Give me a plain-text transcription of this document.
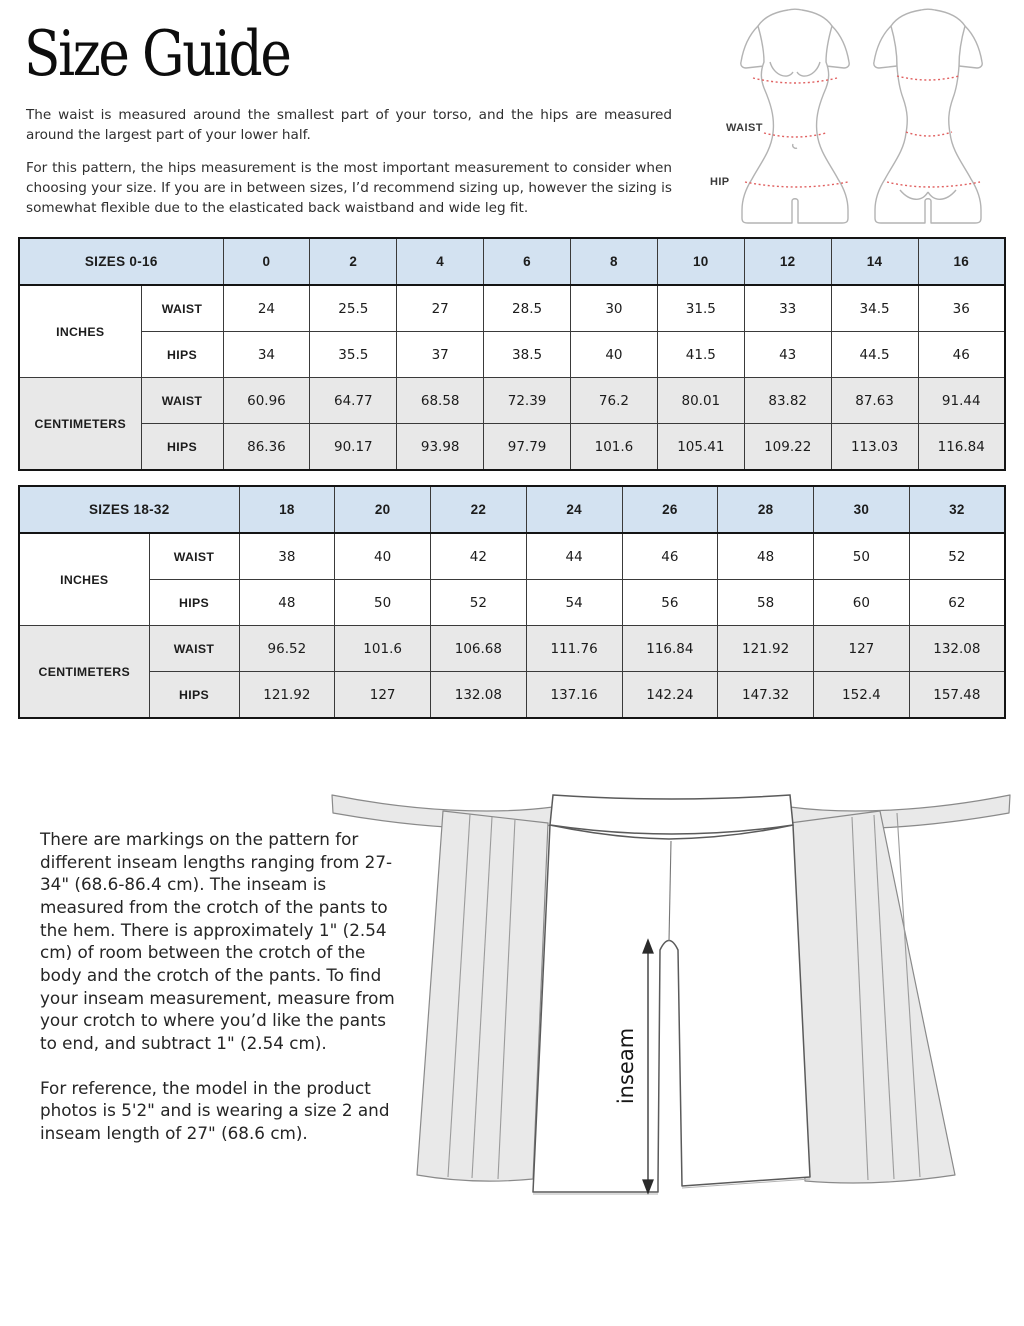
Size Guide

The waist is measured around the smallest part of your torso, and the hips are measured around the largest part of your lower half.

For this pattern, the hips measurement is the most important measurement to consider when choosing your size. If you are in between sizes, I’d recommend sizing up, however the sizing is somewhat flexible due to the elasticated back waistband and wide leg fit.

WAIST
HIP
SIZES 0-16		0	2	4	6	8	10	12	14	16
INCHES	WAIST	24	25.5	27	28.5	30	31.5	33	34.5	36
	HIPS	34	35.5	37	38.5	40	41.5	43	44.5	46
CENTIMETERS	WAIST	60.96	64.77	68.58	72.39	76.2	80.01	83.82	87.63	91.44
	HIPS	86.36	90.17	93.98	97.79	101.6	105.41	109.22	113.03	116.84
SIZES 18-32		18	20	22	24	26	28	30	32
INCHES	WAIST	38	40	42	44	46	48	50	52
	HIPS	48	50	52	54	56	58	60	62
CENTIMETERS	WAIST	96.52	101.6	106.68	111.76	116.84	121.92	127	132.08
	HIPS	121.92	127	132.08	137.16	142.24	147.32	152.4	157.48

There are markings on the pattern for different inseam lengths ranging from 27-34" (68.6-86.4 cm). The inseam is measured from the crotch of the pants to the hem. There is approximately 1" (2.54 cm) of room between the crotch of the body and the crotch of the pants. To find your inseam measurement, measure from your crotch to where you’d like the pants to end, and subtract 1" (2.54 cm).

For reference, the model in the product photos is 5'2" and is wearing a size 2 and inseam length of 27" (68.6 cm).

inseam
